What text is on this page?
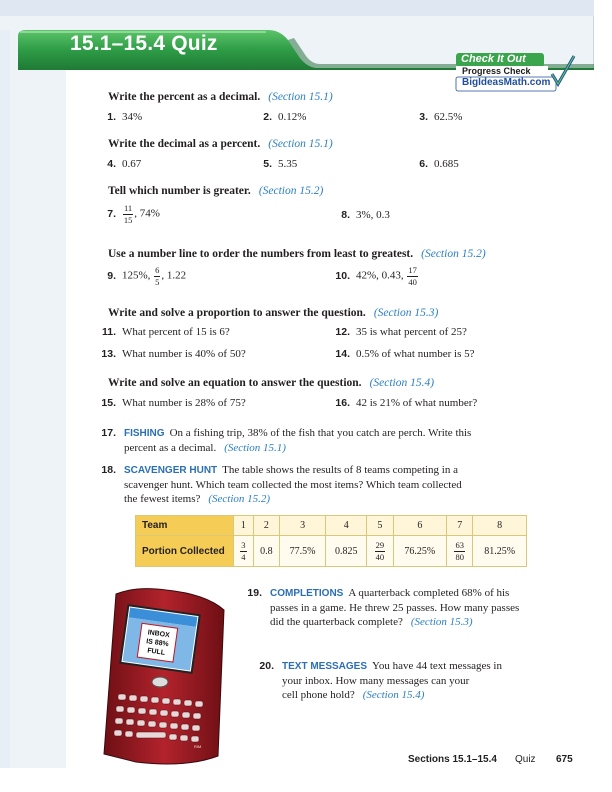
15.1–15.4 Quiz
Check It Out
Progress Check
BigIdeasMath.com
Write the percent as a decimal. (Section 15.1)
1. 34%	2. 0.12%	3. 62.5%
Write the decimal as a percent. (Section 15.1)
4. 0.67	5. 5.35	6. 0.685
Tell which number is greater. (Section 15.2)
7. $\frac{11}{15}$ , 74%	8. 3%, 0.3
Use a number line to order the numbers from least to greatest. (Section 15.2)
9. 125%, $\frac{6}{5}$ , 1.22	10. 42%, 0.43, $\frac{17}{40}$
Write and solve a proportion to answer the question. (Section 15.3)
11. What percent of 15 is 6?	12. 35 is what percent of 25?
13. What number is 40% of 50?	14. 0.5% of what number is 5?
Write and solve an equation to answer the question. (Section 15.4)
15. What number is 28% of 75?	16. 42 is 21% of what number?
17. FISHING On a fishing trip, 38% of the fish that you catch are perch. Write this
percent as a decimal. (Section 15.1)
18. SCAVENGER HUNT The table shows the results of 8 teams competing in a
scavenger hunt. Which team collected the most items? Which team collected
the fewest items? (Section 15.2)
Team	1	2	3	4	5	6	7	8
Portion Collected	$\frac{3}{4}$	0.8	77.5%	0.825	$\frac{29}{40}$	76.25%	$\frac{63}{80}$	81.25%
INBOX
IS 88%
FULL
RIM
19. COMPLETIONS A quarterback completed 68% of his
passes in a game. He threw 25 passes. How many passes
did the quarterback complete? (Section 15.3)
20. TEXT MESSAGES You have 44 text messages in
your inbox. How many messages can your
cell phone hold? (Section 15.4)
Sections 15.1–15.4 Quiz 675
